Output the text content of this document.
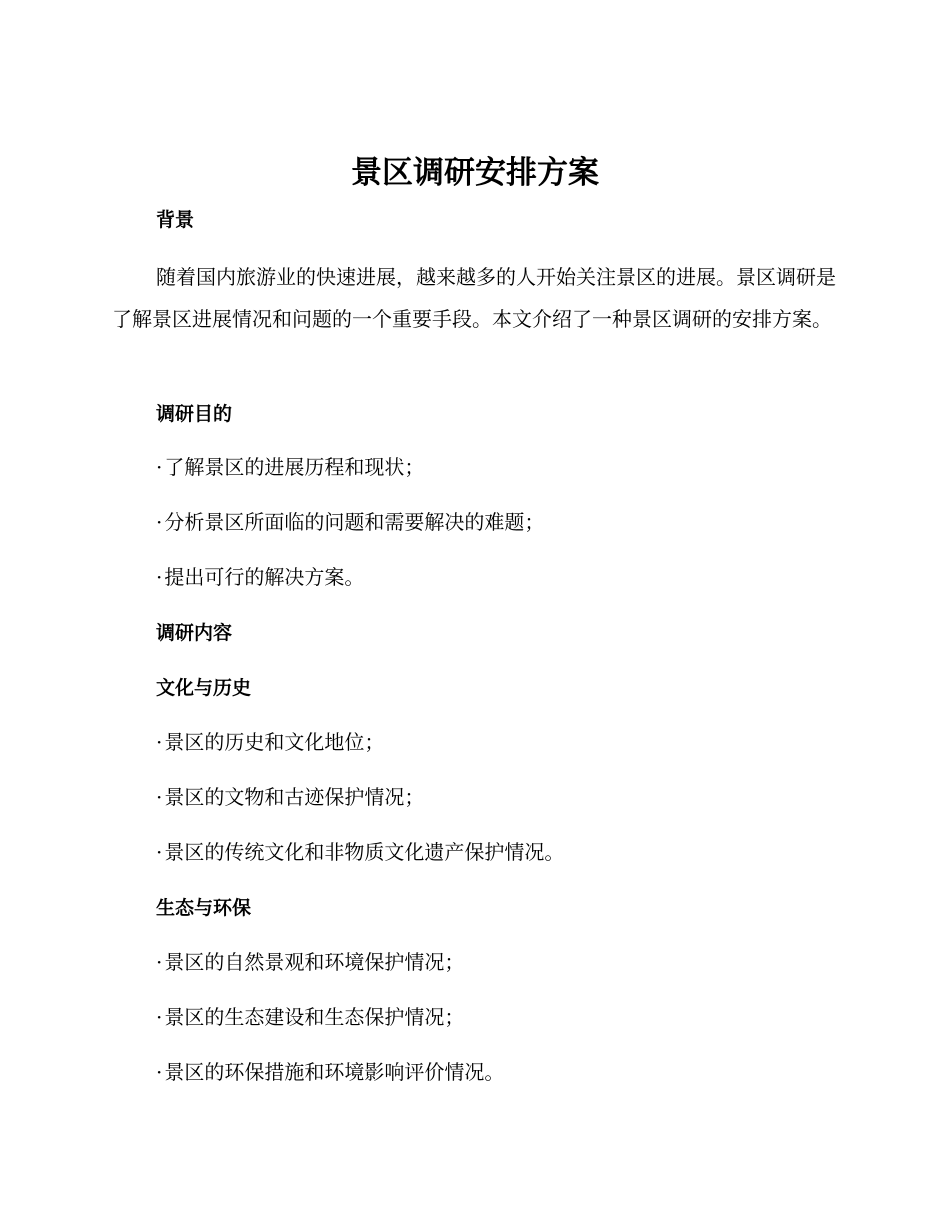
景区调研安排方案
背景

随着国内旅游业的快速进展，越来越多的人开始关注景区的进展。景区调研是了解景区进展情况和问题的一个重要手段。本文介绍了一种景区调研的安排方案。

调研目的
· 了解景区的进展历程和现状；
· 分析景区所面临的问题和需要解决的难题；
· 提出可行的解决方案。
调研内容
文化与历史
· 景区的历史和文化地位；
· 景区的文物和古迹保护情况；
· 景区的传统文化和非物质文化遗产保护情况。
生态与环保
· 景区的自然景观和环境保护情况；
· 景区的生态建设和生态保护情况；
· 景区的环保措施和环境影响评价情况。
